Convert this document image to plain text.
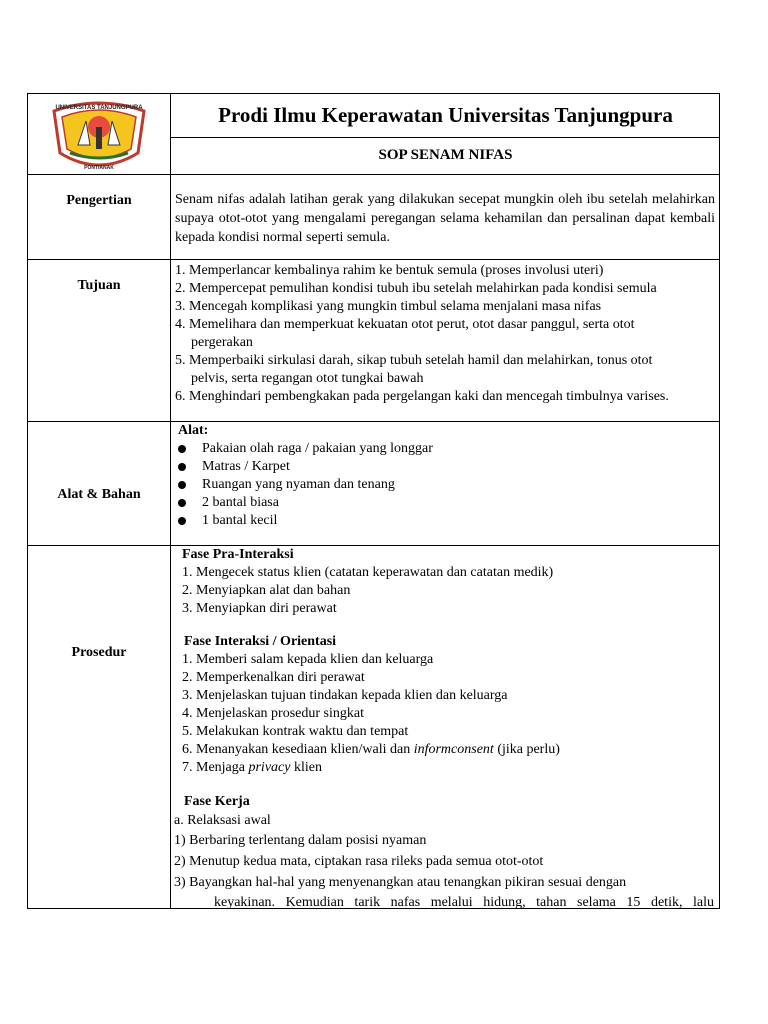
UNIVERSITAS TANJUNGPURA
PONTIANAK
Prodi Ilmu Keperawatan Universitas Tanjungpura
SOP SENAM NIFAS
Pengertian	Senam nifas adalah latihan gerak yang dilakukan secepat mungkin oleh ibu setelah melahirkan supaya otot-otot yang mengalami peregangan selama kehamilan dan persalinan dapat kembali kepada kondisi normal seperti semula.
Tujuan
1. Memperlancar kembalinya rahim ke bentuk semula (proses involusi uteri)
2. Mempercepat pemulihan kondisi tubuh ibu setelah melahirkan pada kondisi semula
3. Mencegah komplikasi yang mungkin timbul selama menjalani masa nifas
4. Memelihara dan memperkuat kekuatan otot perut, otot dasar panggul, serta otot
pergerakan
5. Memperbaiki sirkulasi darah, sikap tubuh setelah hamil dan melahirkan, tonus otot
pelvis, serta regangan otot tungkai bawah
6. Menghindari pembengkakan pada pergelangan kaki dan mencegah timbulnya varises.
Alat & Bahan
Alat:
Pakaian olah raga / pakaian yang longgar
Matras / Karpet
Ruangan yang nyaman dan tenang
2 bantal biasa
1 bantal kecil
Prosedur
Fase Pra-Interaksi
1. Mengecek status klien (catatan keperawatan dan catatan medik)
2. Menyiapkan alat dan bahan
3. Menyiapkan diri perawat
Fase Interaksi / Orientasi
1. Memberi salam kepada klien dan keluarga
2. Memperkenalkan diri perawat
3. Menjelaskan tujuan tindakan kepada klien dan keluarga
4. Menjelaskan prosedur singkat
5. Melakukan kontrak waktu dan tempat
6. Menanyakan kesediaan klien/wali dan informconsent (jika perlu)
7. Menjaga privacy klien
Fase Kerja
a. Relaksasi awal
1) Berbaring terlentang dalam posisi nyaman
2) Menutup kedua mata, ciptakan rasa rileks pada semua otot-otot
3) Bayangkan hal-hal yang menyenangkan atau tenangkan pikiran sesuai dengan
keyakinan. Kemudian tarik nafas melalui hidung, tahan selama 15 detik, lalu
